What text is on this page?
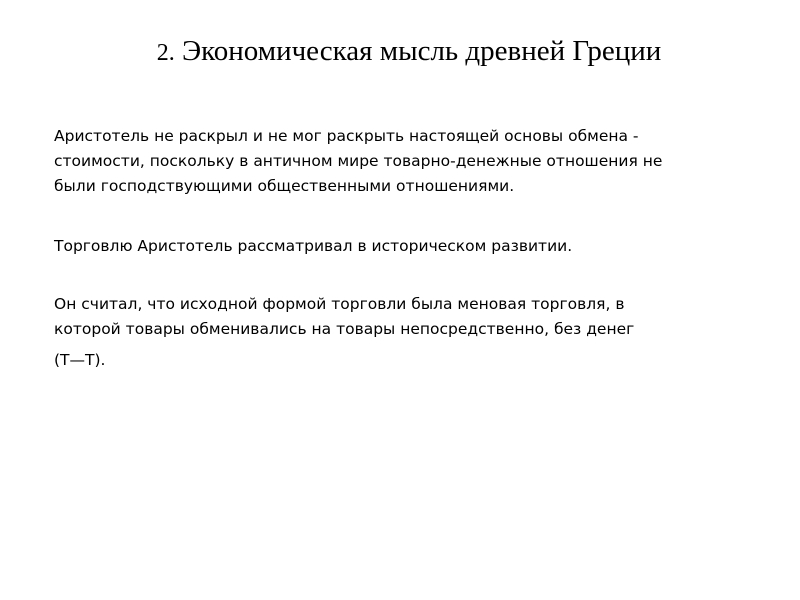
2. Экономическая мысль древней Греции

Аристотель не раскрыл и не мог раскрыть настоящей основы обмена -
стоимости, поскольку в античном мире товарно-денежные отношения не
были господствующими общественными отношениями.

Торговлю Аристотель рассматривал в историческом развитии.

Он считал, что исходной формой торговли была меновая торговля, в
которой товары обменивались на товары непосредственно, без денег
(Т—Т).
